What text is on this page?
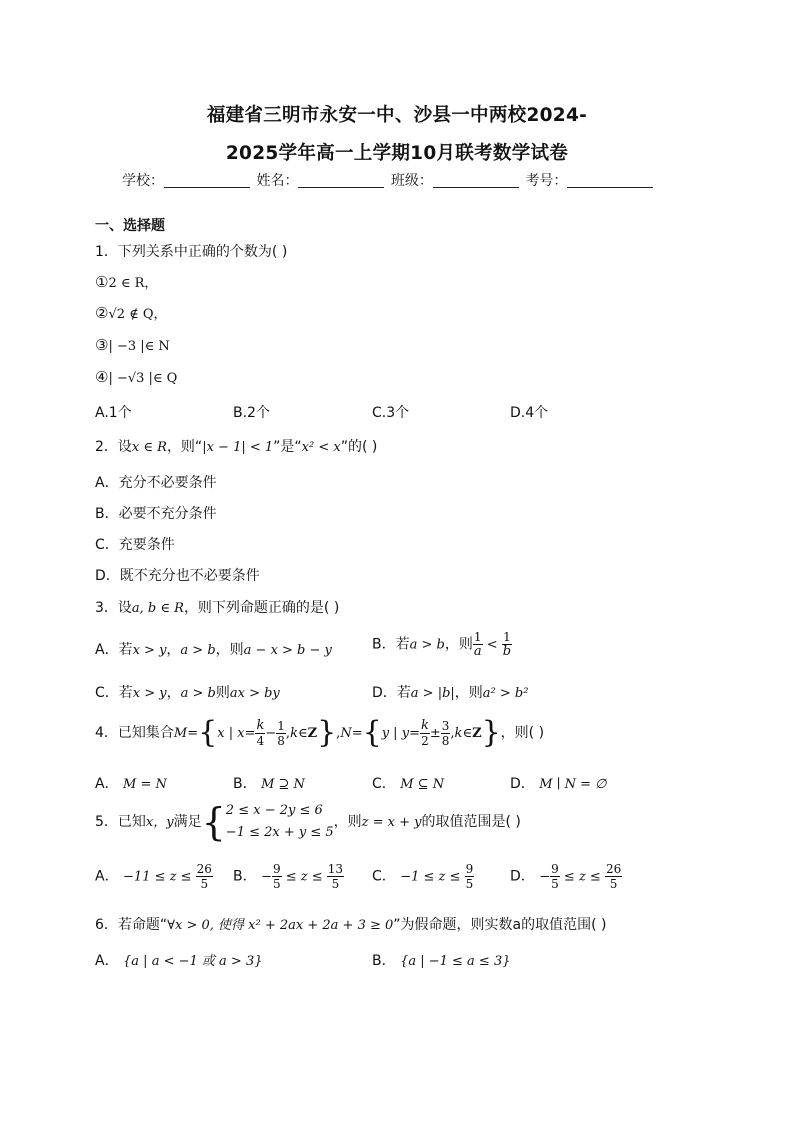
福建省三明市永安一中、沙县一中两校2024-
2025学年高一上学期10月联考数学试卷
学校：	姓名：	班级：	考号：
一、选择题
1．下列关系中正确的个数为( )
①2 ∈ R，
②√2 ∉ Q，
③| −3 |∈ N
④| −√3 |∈ Q
A.1个	B.2个	C.3个	D.4个
2．设x ∈ R，则“|x − 1| < 1”是“x² < x”的( )
A．充分不必要条件
B．必要不充分条件
C．充要条件
D．既不充分也不必要条件
3．设a, b ∈ R，则下列命题正确的是( )
A．若x > y，a > b，则a − x > b − y	B．若a > b，则 $\frac{1}{a} < \frac{1}{b}$
C．若x > y，a > b则ax > by	D．若a > |b|，则a² > b²
4．已知集合M={x | $x= \frac{k}{4} - \frac{1}{8}$ ,k∈Z},N={y | $y= \frac{k}{2} \pm \frac{3}{8}$ ,k∈Z}，则( )
A． M = N	B． M ⊇ N	C． M ⊆ N	D． M ∣ N = ∅
5．已知x，y满足{ 2 ≤ x − 2y ≤ 6
−1 ≤ 2x + y ≤ 5
，则z = x + y的取值范围是( )
A． $-11 \le z \le \frac{26}{5}$ B． − $\frac{9}{5} \le z \le \frac{13}{5}$ C． $-1 \le z \le \frac{9}{5}$	D． − $\frac{9}{5} \le z \le \frac{26}{5}$
6．若命题“∀x > 0, 使得 x² + 2ax + 2a + 3 ≥ 0”为假命题，则实数a的取值范围( )
A． {a | a < −1 或 a > 3}	B． {a | −1 ≤ a ≤ 3}
